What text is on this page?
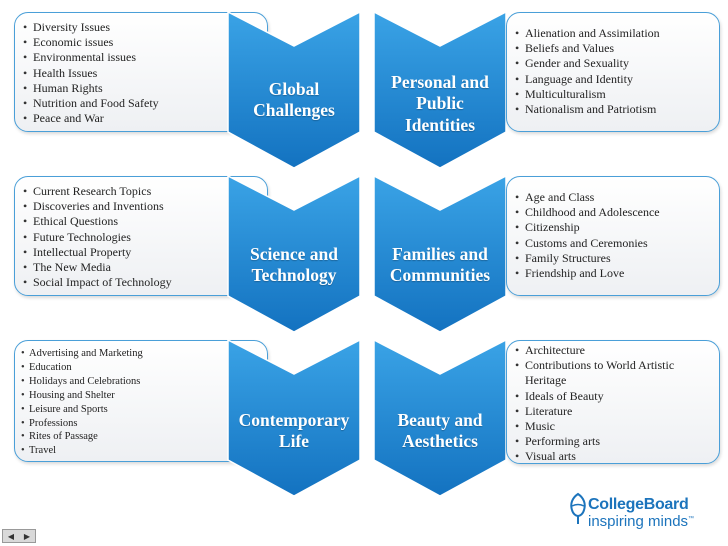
• Diversity Issues
• Economic issues
• Environmental issues
• Health Issues
• Human Rights
• Nutrition and Food Safety
• Peace and War
Global
Challenges
Personal and
Public
Identities
• Alienation and Assimilation
• Beliefs and Values
• Gender and Sexuality
• Language and Identity
• Multiculturalism
• Nationalism and Patriotism
• Current Research Topics
• Discoveries and Inventions
• Ethical Questions
• Future Technologies
• Intellectual Property
• The New Media
• Social Impact of Technology
Science and
Technology
Families and
Communities
• Age and Class
• Childhood and Adolescence
• Citizenship
• Customs and Ceremonies
• Family Structures
• Friendship and Love
• Advertising and Marketing
• Education
• Holidays and Celebrations
• Housing and Shelter
• Leisure and Sports
• Professions
• Rites of Passage
• Travel
Contemporary
Life
Beauty and
Aesthetics
• Architecture
• Contributions to World Artistic Heritage
• Ideals of Beauty
• Literature
• Music
• Performing arts
• Visual arts
CollegeBoard
inspiring minds™
◀ ▶
